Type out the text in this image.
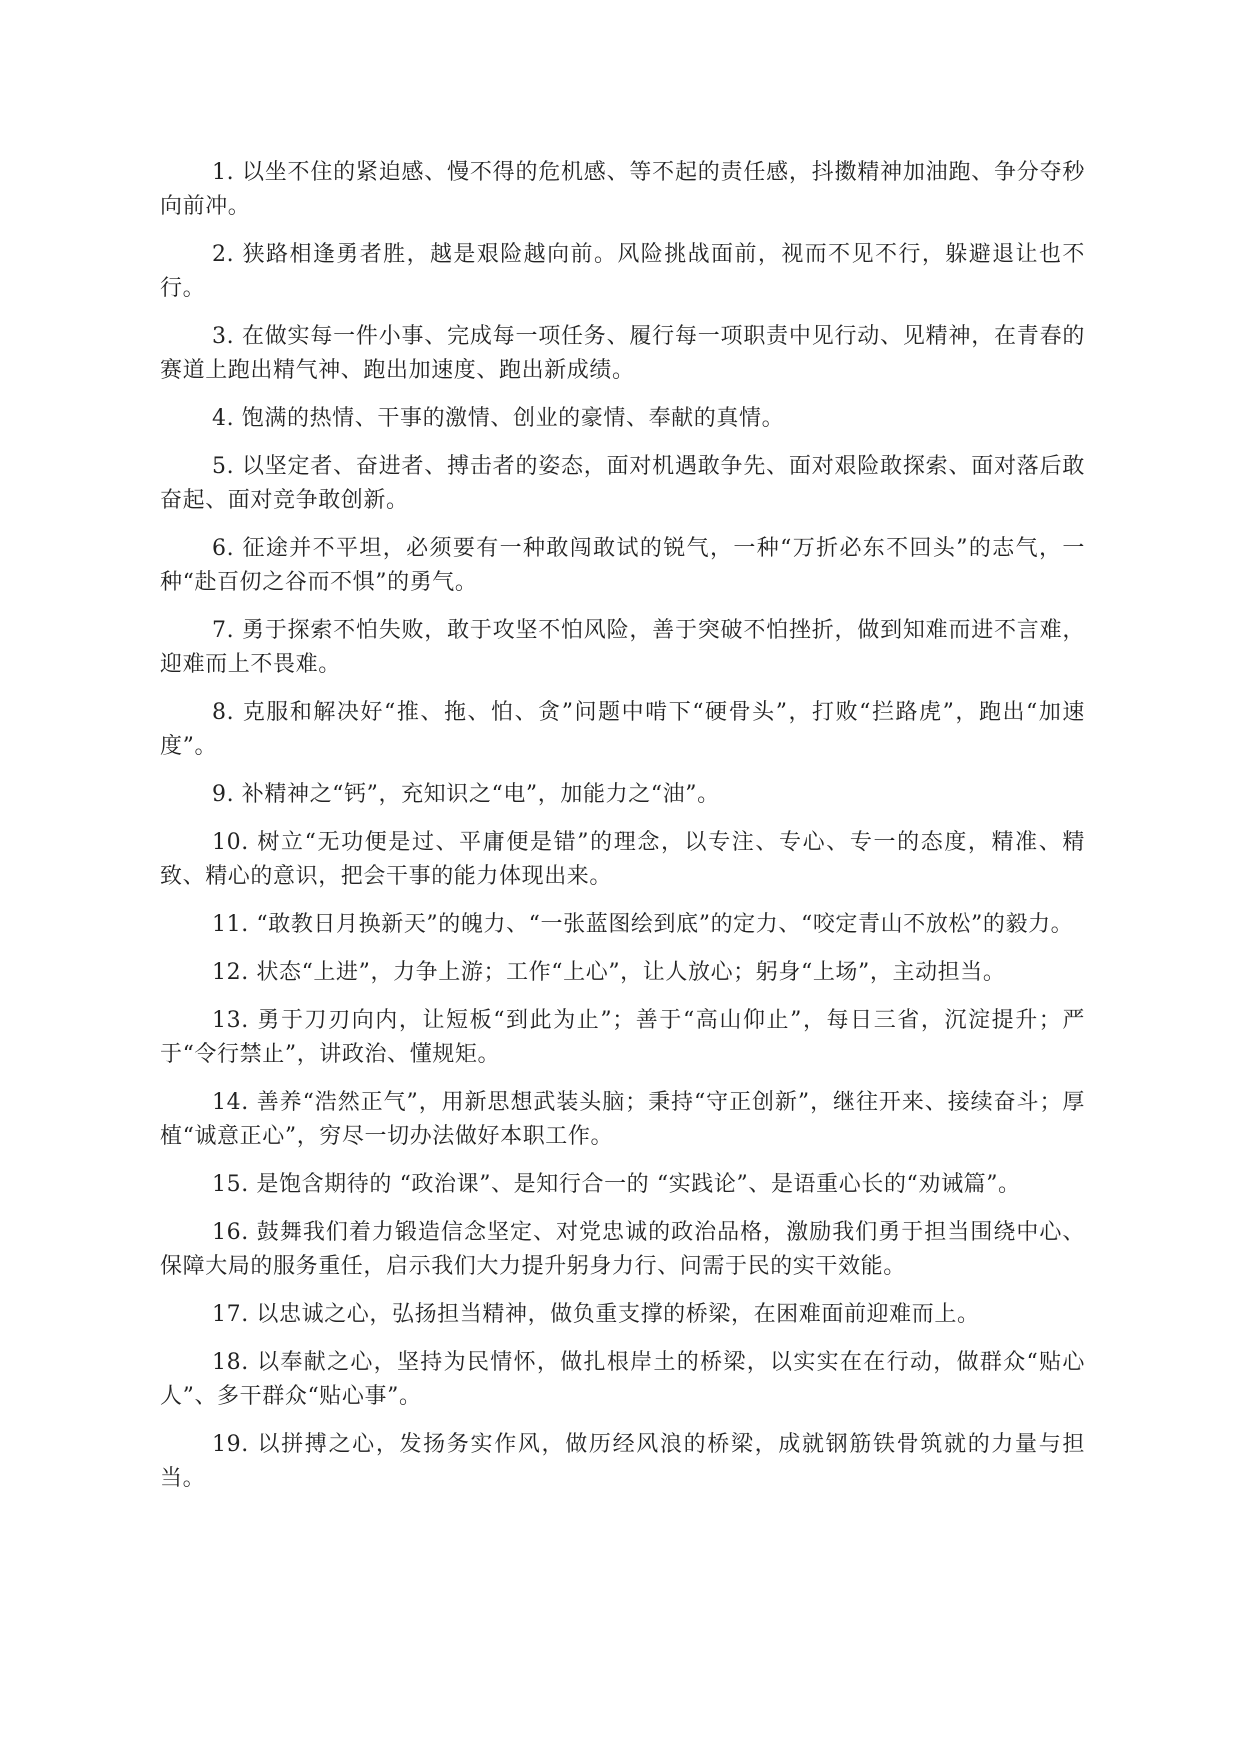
1. 以坐不住的紧迫感、慢不得的危机感、等不起的责任感，抖擞精神加油跑、争分夺秒向前冲。

2. 狭路相逢勇者胜，越是艰险越向前。风险挑战面前，视而不见不行，躲避退让也不行。

3. 在做实每一件小事、完成每一项任务、履行每一项职责中见行动、见精神，在青春的赛道上跑出精气神、跑出加速度、跑出新成绩。

4. 饱满的热情、干事的激情、创业的豪情、奉献的真情。

5. 以坚定者、奋进者、搏击者的姿态，面对机遇敢争先、面对艰险敢探索、面对落后敢奋起、面对竞争敢创新。

6. 征途并不平坦，必须要有一种敢闯敢试的锐气，一种“万折必东不回头”的志气，一种“赴百仞之谷而不惧”的勇气。

7. 勇于探索不怕失败，敢于攻坚不怕风险，善于突破不怕挫折，做到知难而进不言难，迎难而上不畏难。

8. 克服和解决好“推、拖、怕、贪”问题中啃下“硬骨头”，打败“拦路虎”，跑出“加速度”。

9. 补精神之“钙”，充知识之“电”，加能力之“油”。

10. 树立“无功便是过、平庸便是错”的理念，以专注、专心、专一的态度，精准、精致、精心的意识，把会干事的能力体现出来。

11. “敢教日月换新天”的魄力、“一张蓝图绘到底”的定力、“咬定青山不放松”的毅力。

12. 状态“上进”，力争上游；工作“上心”，让人放心；躬身“上场”，主动担当。

13. 勇于刀刃向内，让短板“到此为止”；善于“高山仰止”，每日三省，沉淀提升；严于“令行禁止”，讲政治、懂规矩。

14. 善养“浩然正气”，用新思想武装头脑；秉持“守正创新”，继往开来、接续奋斗；厚植“诚意正心”，穷尽一切办法做好本职工作。

15. 是饱含期待的 “政治课”、是知行合一的 “实践论”、是语重心长的“劝诫篇”。

16. 鼓舞我们着力锻造信念坚定、对党忠诚的政治品格，激励我们勇于担当围绕中心、保障大局的服务重任，启示我们大力提升躬身力行、问需于民的实干效能。

17. 以忠诚之心，弘扬担当精神，做负重支撑的桥梁，在困难面前迎难而上。

18. 以奉献之心，坚持为民情怀，做扎根岸土的桥梁，以实实在在行动，做群众“贴心人”、多干群众“贴心事”。

19. 以拼搏之心，发扬务实作风，做历经风浪的桥梁，成就钢筋铁骨筑就的力量与担当。
